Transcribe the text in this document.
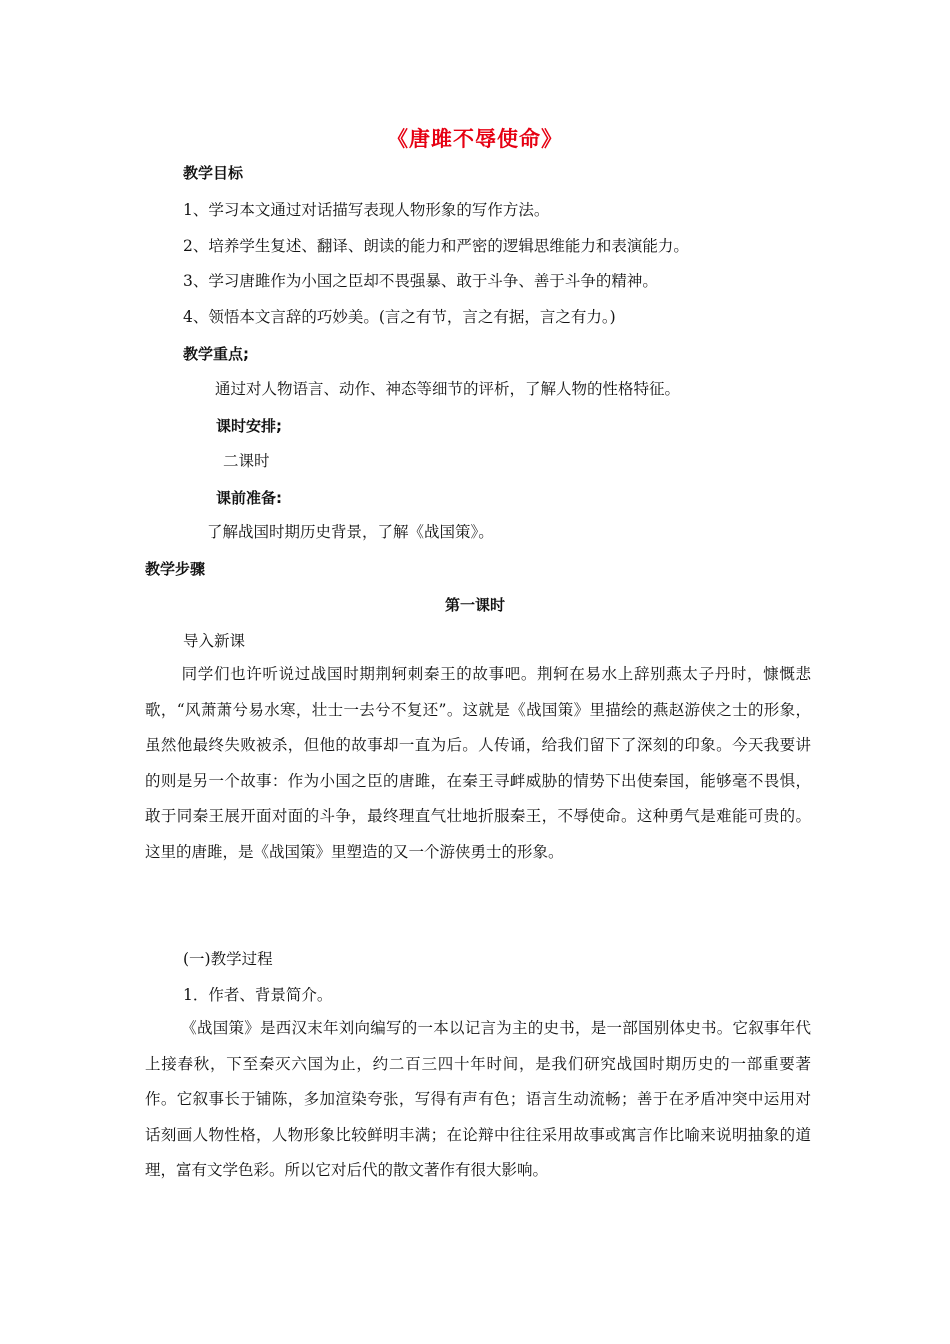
《唐雎不辱使命》
教学目标
1、学习本文通过对话描写表现人物形象的写作方法。
2、培养学生复述、翻译、朗读的能力和严密的逻辑思维能力和表演能力。
3、学习唐雎作为小国之臣却不畏强暴、敢于斗争、善于斗争的精神。
4、领悟本文言辞的巧妙美。(言之有节，言之有据，言之有力。)
教学重点;
通过对人物语言、动作、神态等细节的评析，了解人物的性格特征。
课时安排;
二课时
课前准备:
了解战国时期历史背景，了解《战国策》。
教学步骤
第一课时
导入新课
同学们也许听说过战国时期荆轲刺秦王的故事吧。荆轲在易水上辞别燕太子丹时，慷慨悲歌，“风萧萧兮易水寒，壮士一去兮不复还”。这就是《战国策》里描绘的燕赵游侠之士的形象，虽然他最终失败被杀，但他的故事却一直为后。人传诵，给我们留下了深刻的印象。今天我要讲的则是另一个故事：作为小国之臣的唐雎，在秦王寻衅威胁的情势下出使秦国，能够毫不畏惧，敢于同秦王展开面对面的斗争，最终理直气壮地折服秦王，不辱使命。这种勇气是难能可贵的。这里的唐雎，是《战国策》里塑造的又一个游侠勇士的形象。
(一)教学过程
1．作者、背景简介。
《战国策》是西汉末年刘向编写的一本以记言为主的史书，是一部国别体史书。它叙事年代上接春秋，下至秦灭六国为止，约二百三四十年时间，是我们研究战国时期历史的一部重要著作。它叙事长于铺陈，多加渲染夸张，写得有声有色；语言生动流畅；善于在矛盾冲突中运用对话刻画人物性格，人物形象比较鲜明丰满；在论辩中往往采用故事或寓言作比喻来说明抽象的道理，富有文学色彩。所以它对后代的散文著作有很大影响。
